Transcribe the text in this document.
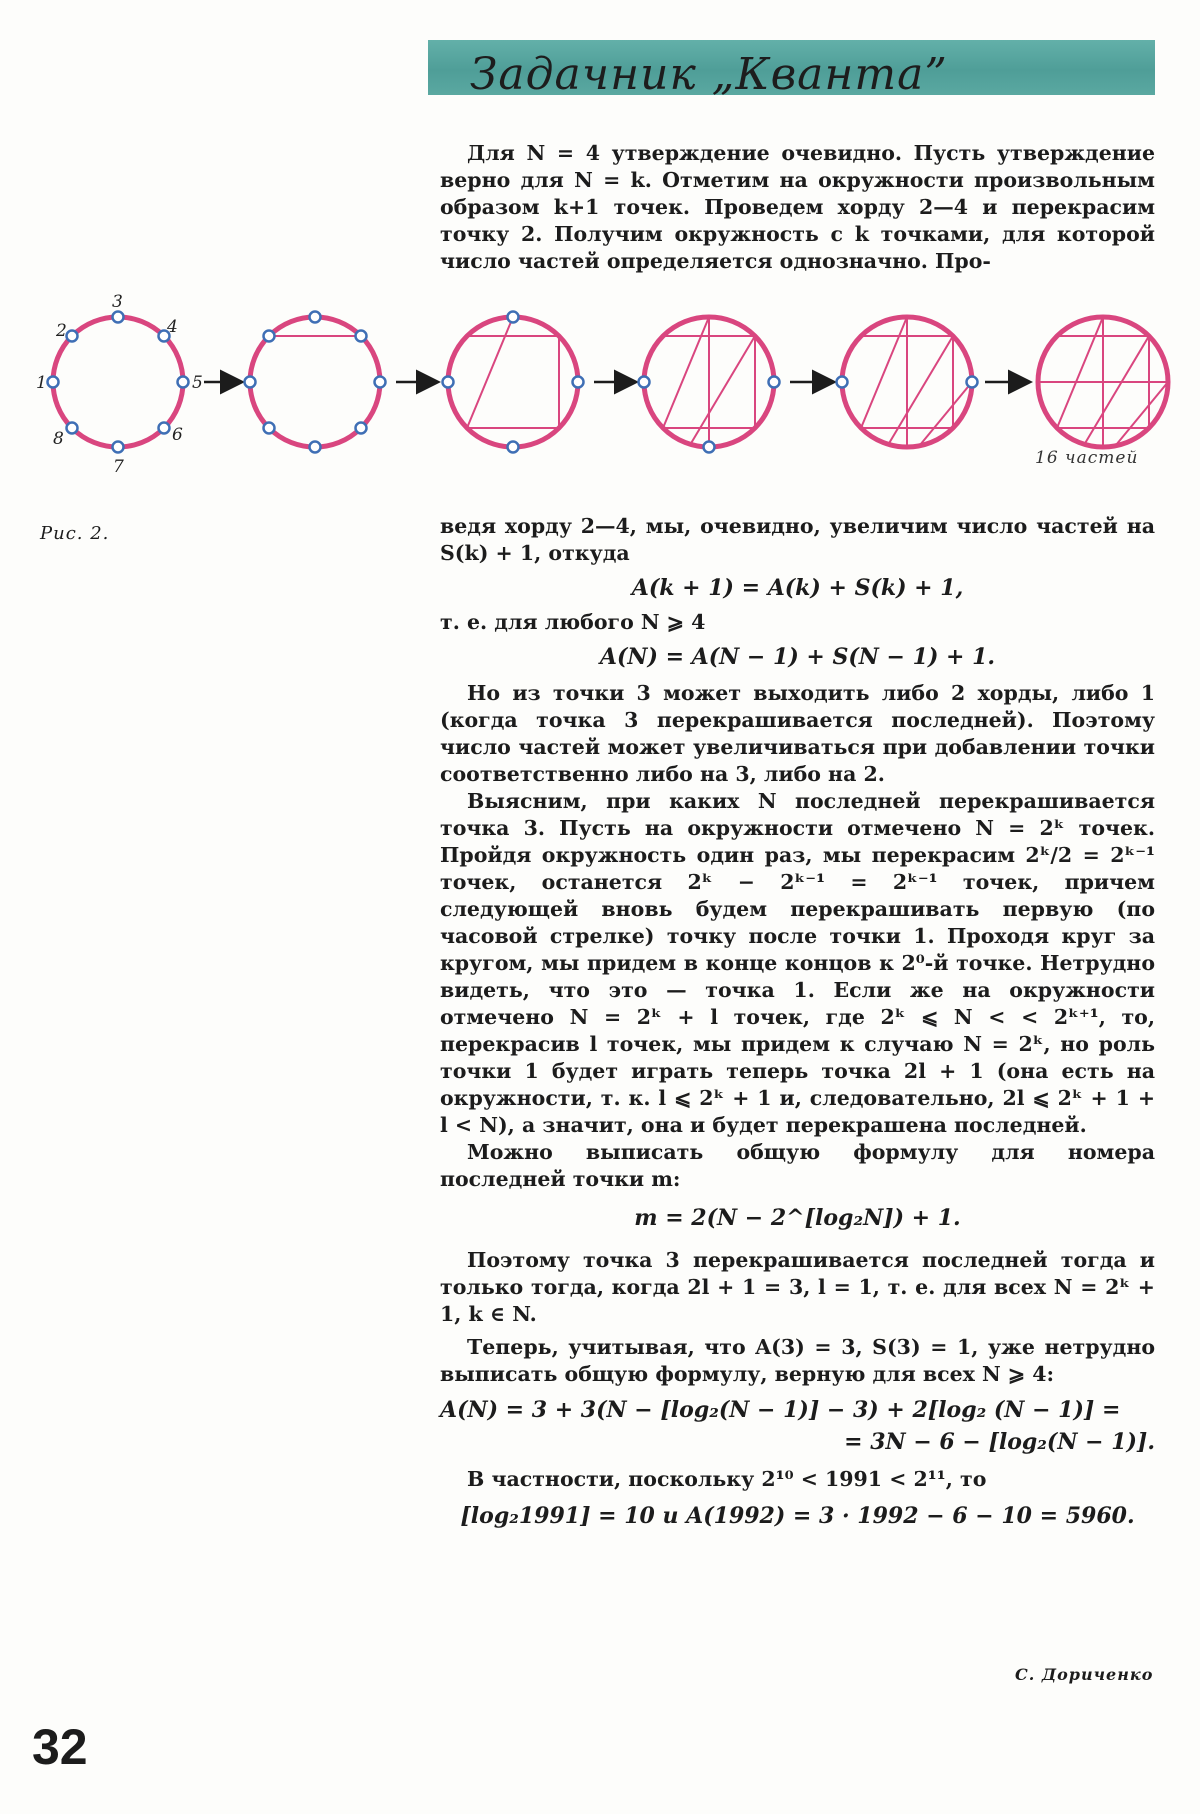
Задачник „Кванта”

Для N = 4 утверждение очевидно. Пусть утверждение верно для N = k. Отметим на окружности произвольным образом k+1 точек. Проведем хорду 2—4 и перекрасим точку 2. Получим окружность с k точками, для которой число частей определяется однозначно. Про-

1
2
3
4
5
6
7
8
16 частей
Рис. 2.	ведя хорду 2—4, мы, очевидно, увеличим число частей на S(k) + 1, откуда

A(k + 1) = A(k) + S(k) + 1,

т. е. для любого N ⩾ 4

A(N) = A(N − 1) + S(N − 1) + 1.

Но из точки 3 может выходить либо 2 хорды, либо 1 (когда точка 3 перекрашивается последней). Поэтому число частей может увеличиваться при добавлении точки соответственно либо на 3, либо на 2.

Выясним, при каких N последней перекрашивается точка 3. Пусть на окружности отмечено N = 2ᵏ точек. Пройдя окружность один раз, мы перекрасим 2ᵏ/2 = 2ᵏ⁻¹ точек, останется 2ᵏ − 2ᵏ⁻¹ = 2ᵏ⁻¹ точек, причем следующей вновь будем перекрашивать первую (по часовой стрелке) точку после точки 1. Проходя круг за кругом, мы придем в конце концов к 2⁰-й точке. Нетрудно видеть, что это — точка 1. Если же на окружности отмечено N = 2ᵏ + l точек, где 2ᵏ ⩽ N < < 2ᵏ⁺¹, то, перекрасив l точек, мы придем к случаю N = 2ᵏ, но роль точки 1 будет играть теперь точка 2l + 1 (она есть на окружности, т. к. l ⩽ 2ᵏ + 1 и, следовательно, 2l ⩽ 2ᵏ + 1 + l < N), а значит, она и будет перекрашена последней.

Можно выписать общую формулу для номера последней точки m:

m = 2(N − 2^[log₂N]) + 1.

Поэтому точка 3 перекрашивается последней тогда и только тогда, когда 2l + 1 = 3, l = 1, т. е. для всех N = 2ᵏ + 1, k ∈ N.

Теперь, учитывая, что A(3) = 3, S(3) = 1, уже нетрудно выписать общую формулу, верную для всех N ⩾ 4:

A(N) = 3 + 3(N − [log₂(N − 1)] − 3) + 2[log₂ (N − 1)] =

= 3N − 6 − [log₂(N − 1)].

В частности, поскольку 2¹⁰ < 1991 < 2¹¹, то

[log₂1991] = 10 и A(1992) = 3 · 1992 − 6 − 10 = 5960.

С. Дориченко
32
